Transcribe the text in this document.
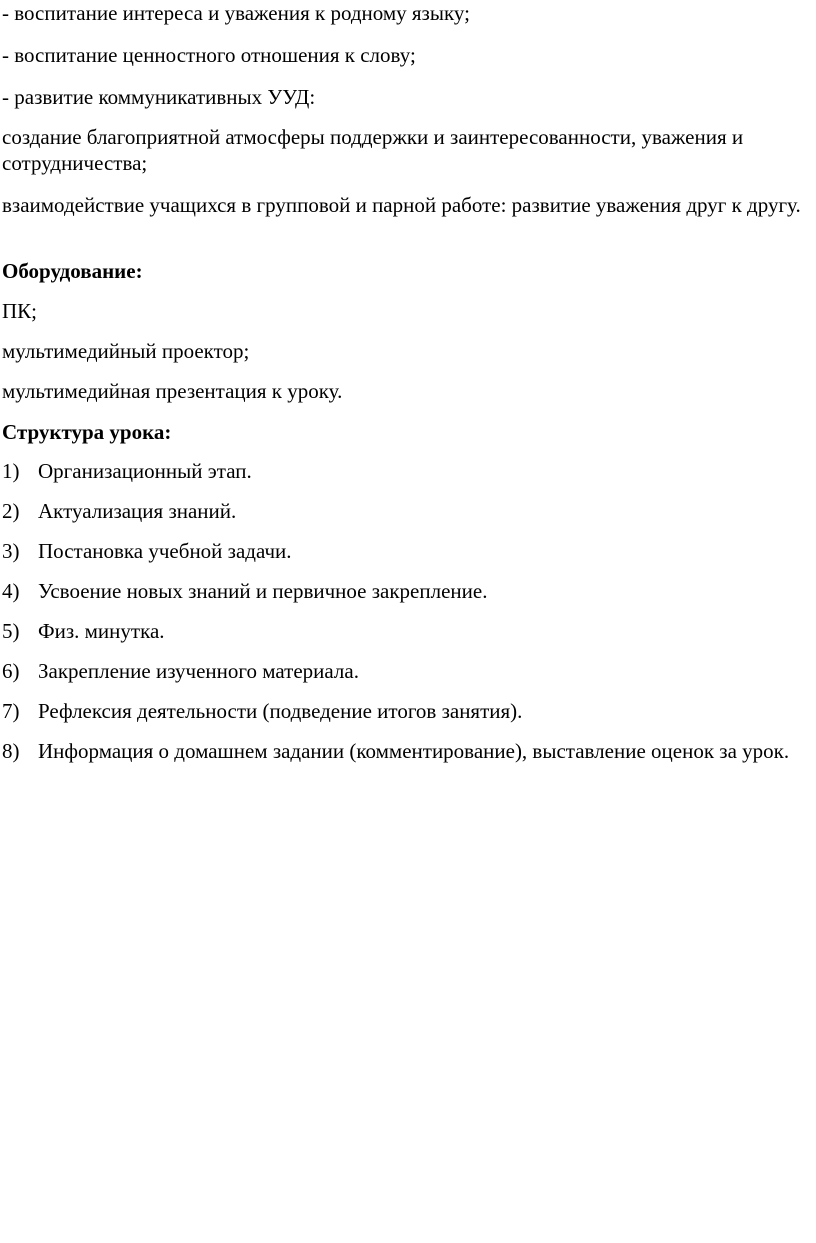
- воспитание интереса и уважения к родному языку;

- воспитание ценностного отношения к слову;

- развитие коммуникативных УУД:

создание благоприятной атмосферы поддержки и заинтересованности, уважения и сотрудничества;

взаимодействие учащихся в групповой и парной работе: развитие уважения друг к другу.

Оборудование:

ПК;

мультимедийный проектор;

мультимедийная презентация к уроку.

Структура урока:

1) Организационный этап.
2) Актуализация знаний.
3) Постановка учебной задачи.
4) Усвоение новых знаний и первичное закрепление.
5) Физ. минутка.
6) Закрепление изученного материала.
7) Рефлексия деятельности (подведение итогов занятия).
8) Информация о домашнем задании (комментирование), выставление оценок за урок.
